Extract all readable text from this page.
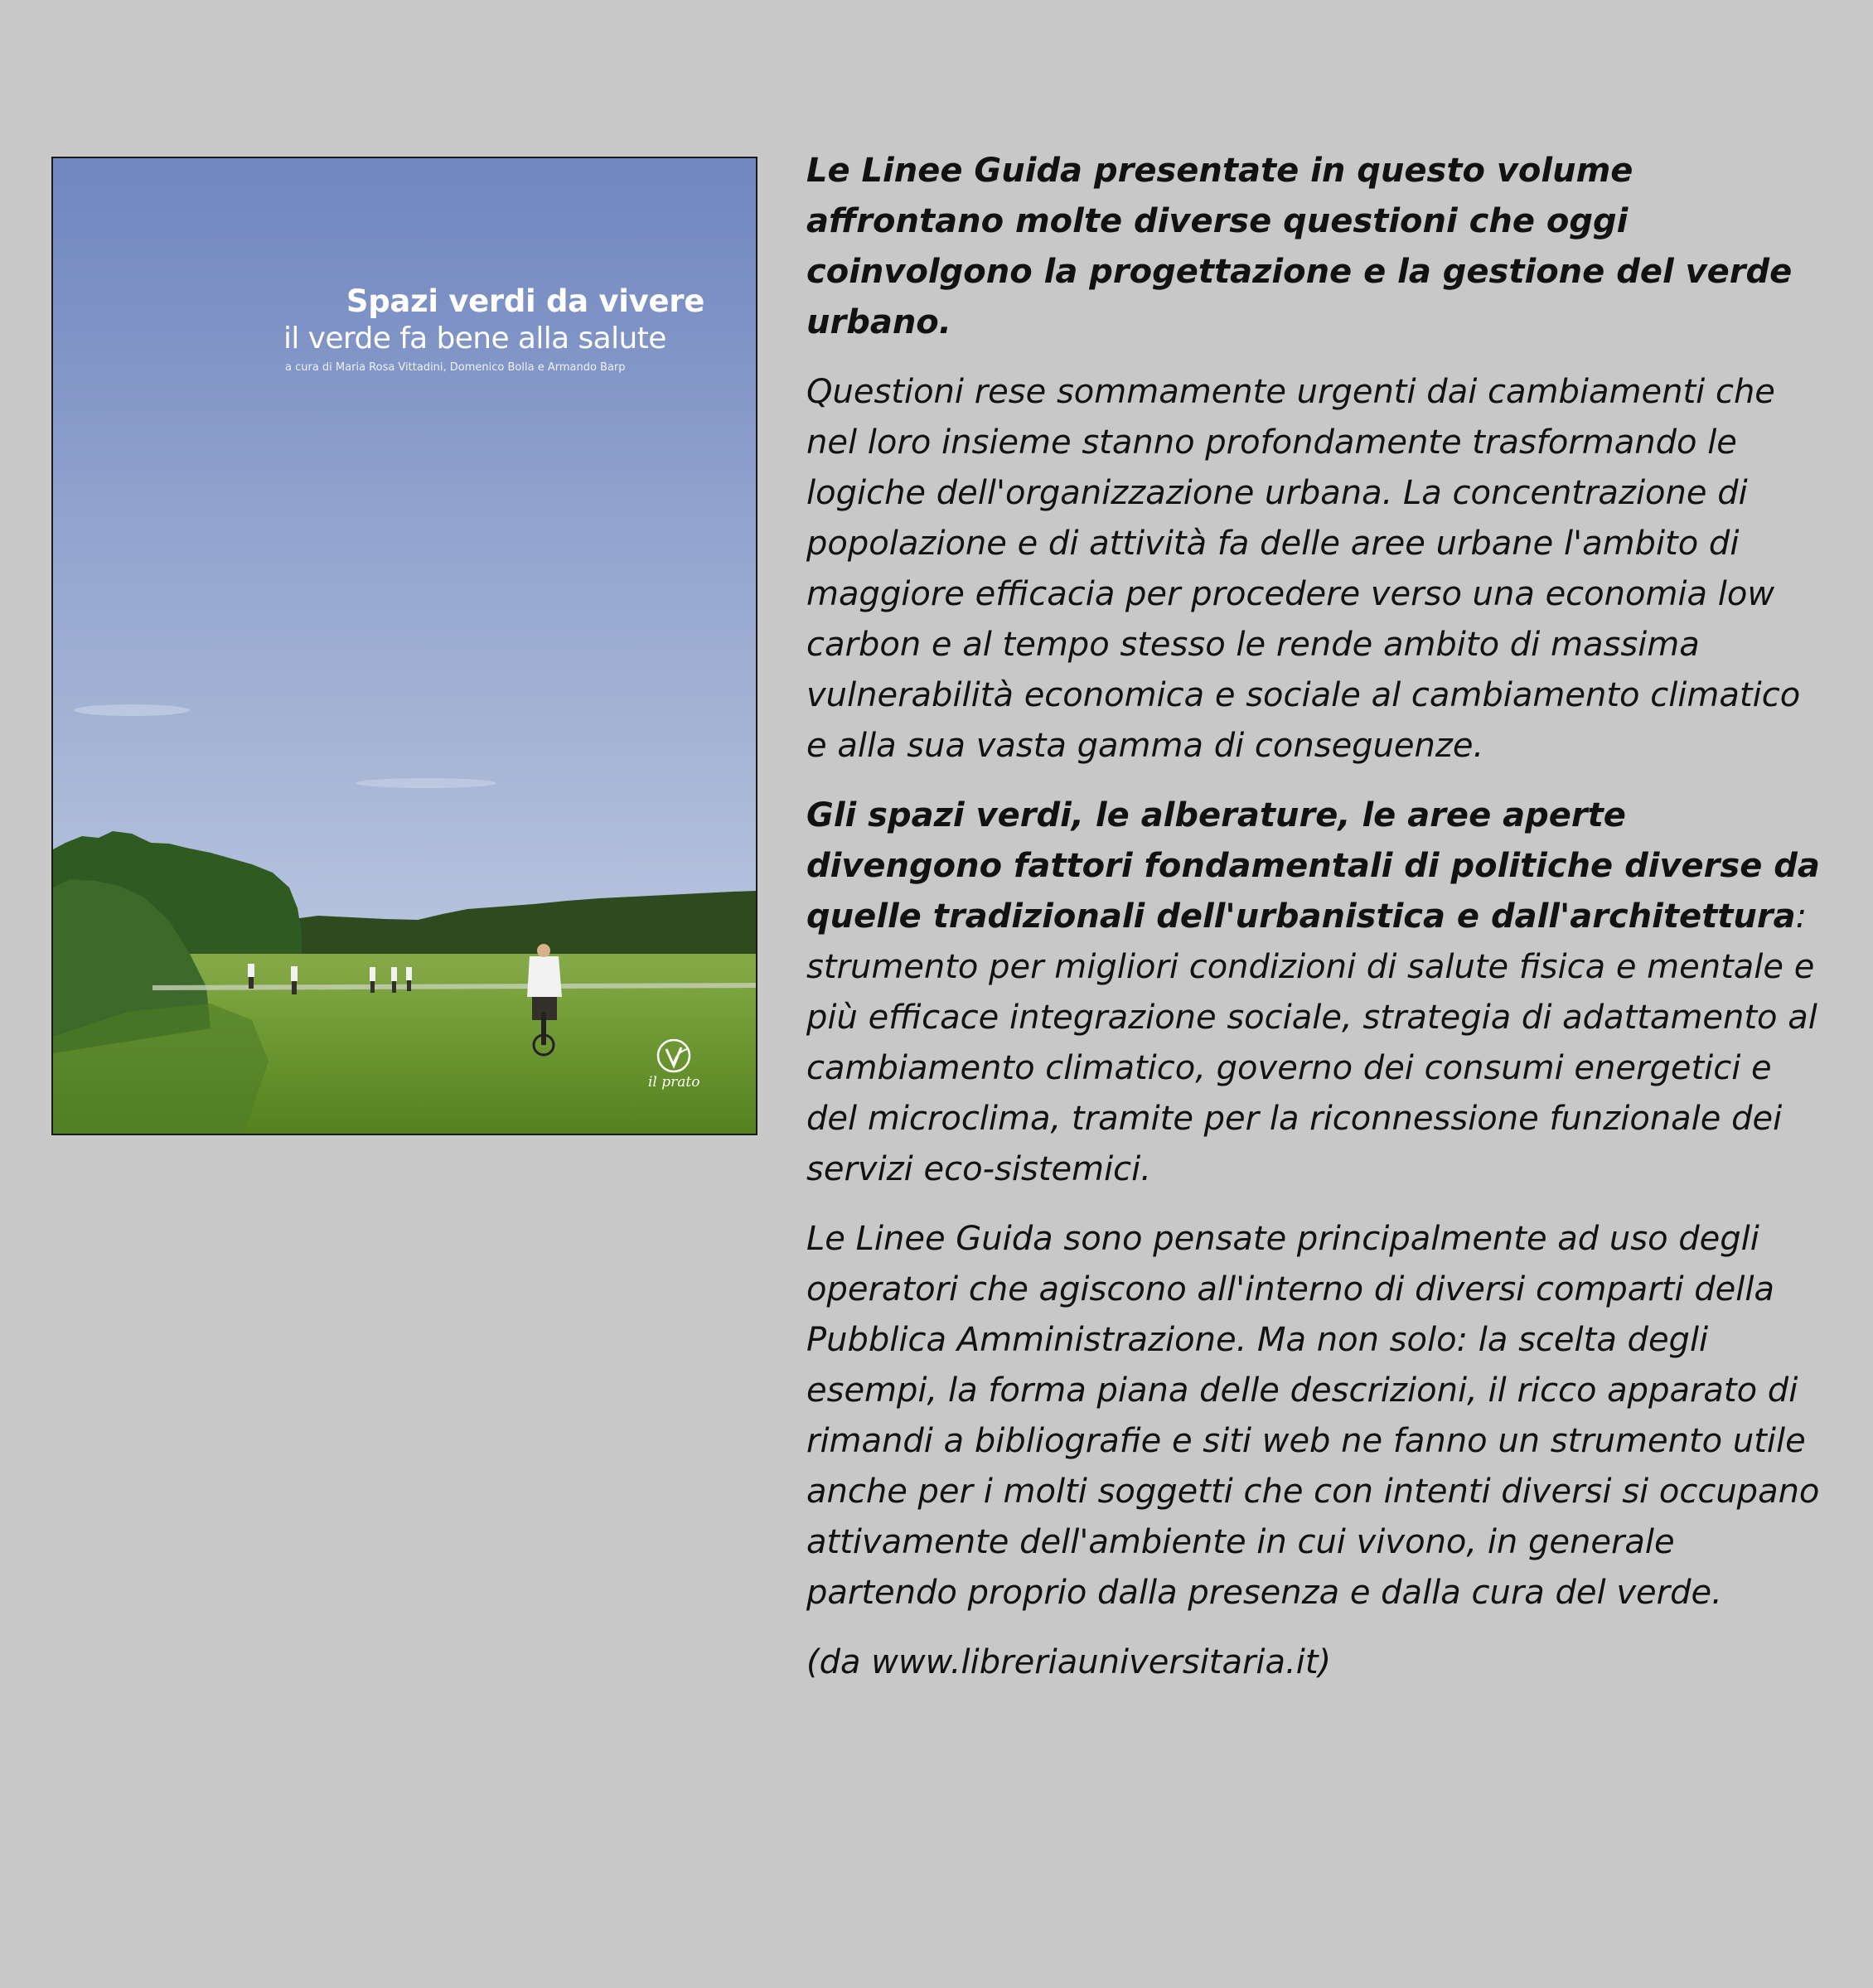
Spazi verdi da vivere
il verde fa bene alla salute
a cura di Maria Rosa Vittadini, Domenico Bolla e Armando Barp
il prato

Le Linee Guida presentate in questo volume affrontano molte diverse questioni che oggi coinvolgono la progettazione e la gestione del verde urbano.

Questioni rese sommamente urgenti dai cambiamenti che nel loro insieme stanno profondamente trasformando le logiche dell'organizzazione urbana. La concentrazione di popolazione e di attività fa delle aree urbane l'ambito di maggiore efficacia per procedere verso una economia low carbon e al tempo stesso le rende ambito di massima vulnerabilità economica e sociale al cambiamento climatico e alla sua vasta gamma di conseguenze.

Gli spazi verdi, le alberature, le aree aperte divengono fattori fondamentali di politiche diverse da quelle tradizionali dell'urbanistica e dall'architettura: strumento per migliori condizioni di salute fisica e mentale e più efficace integrazione sociale, strategia di adattamento al cambiamento climatico, governo dei consumi energetici e del microclima, tramite per la riconnessione funzionale dei servizi eco-sistemici.

Le Linee Guida sono pensate principalmente ad uso degli operatori che agiscono all'interno di diversi comparti della Pubblica Amministrazione. Ma non solo: la scelta degli esempi, la forma piana delle descrizioni, il ricco apparato di rimandi a bibliografie e siti web ne fanno un strumento utile anche per i molti soggetti che con intenti diversi si occupano attivamente dell'ambiente in cui vivono, in generale partendo proprio dalla presenza e dalla cura del verde.

(da www.libreriauniversitaria.it)
